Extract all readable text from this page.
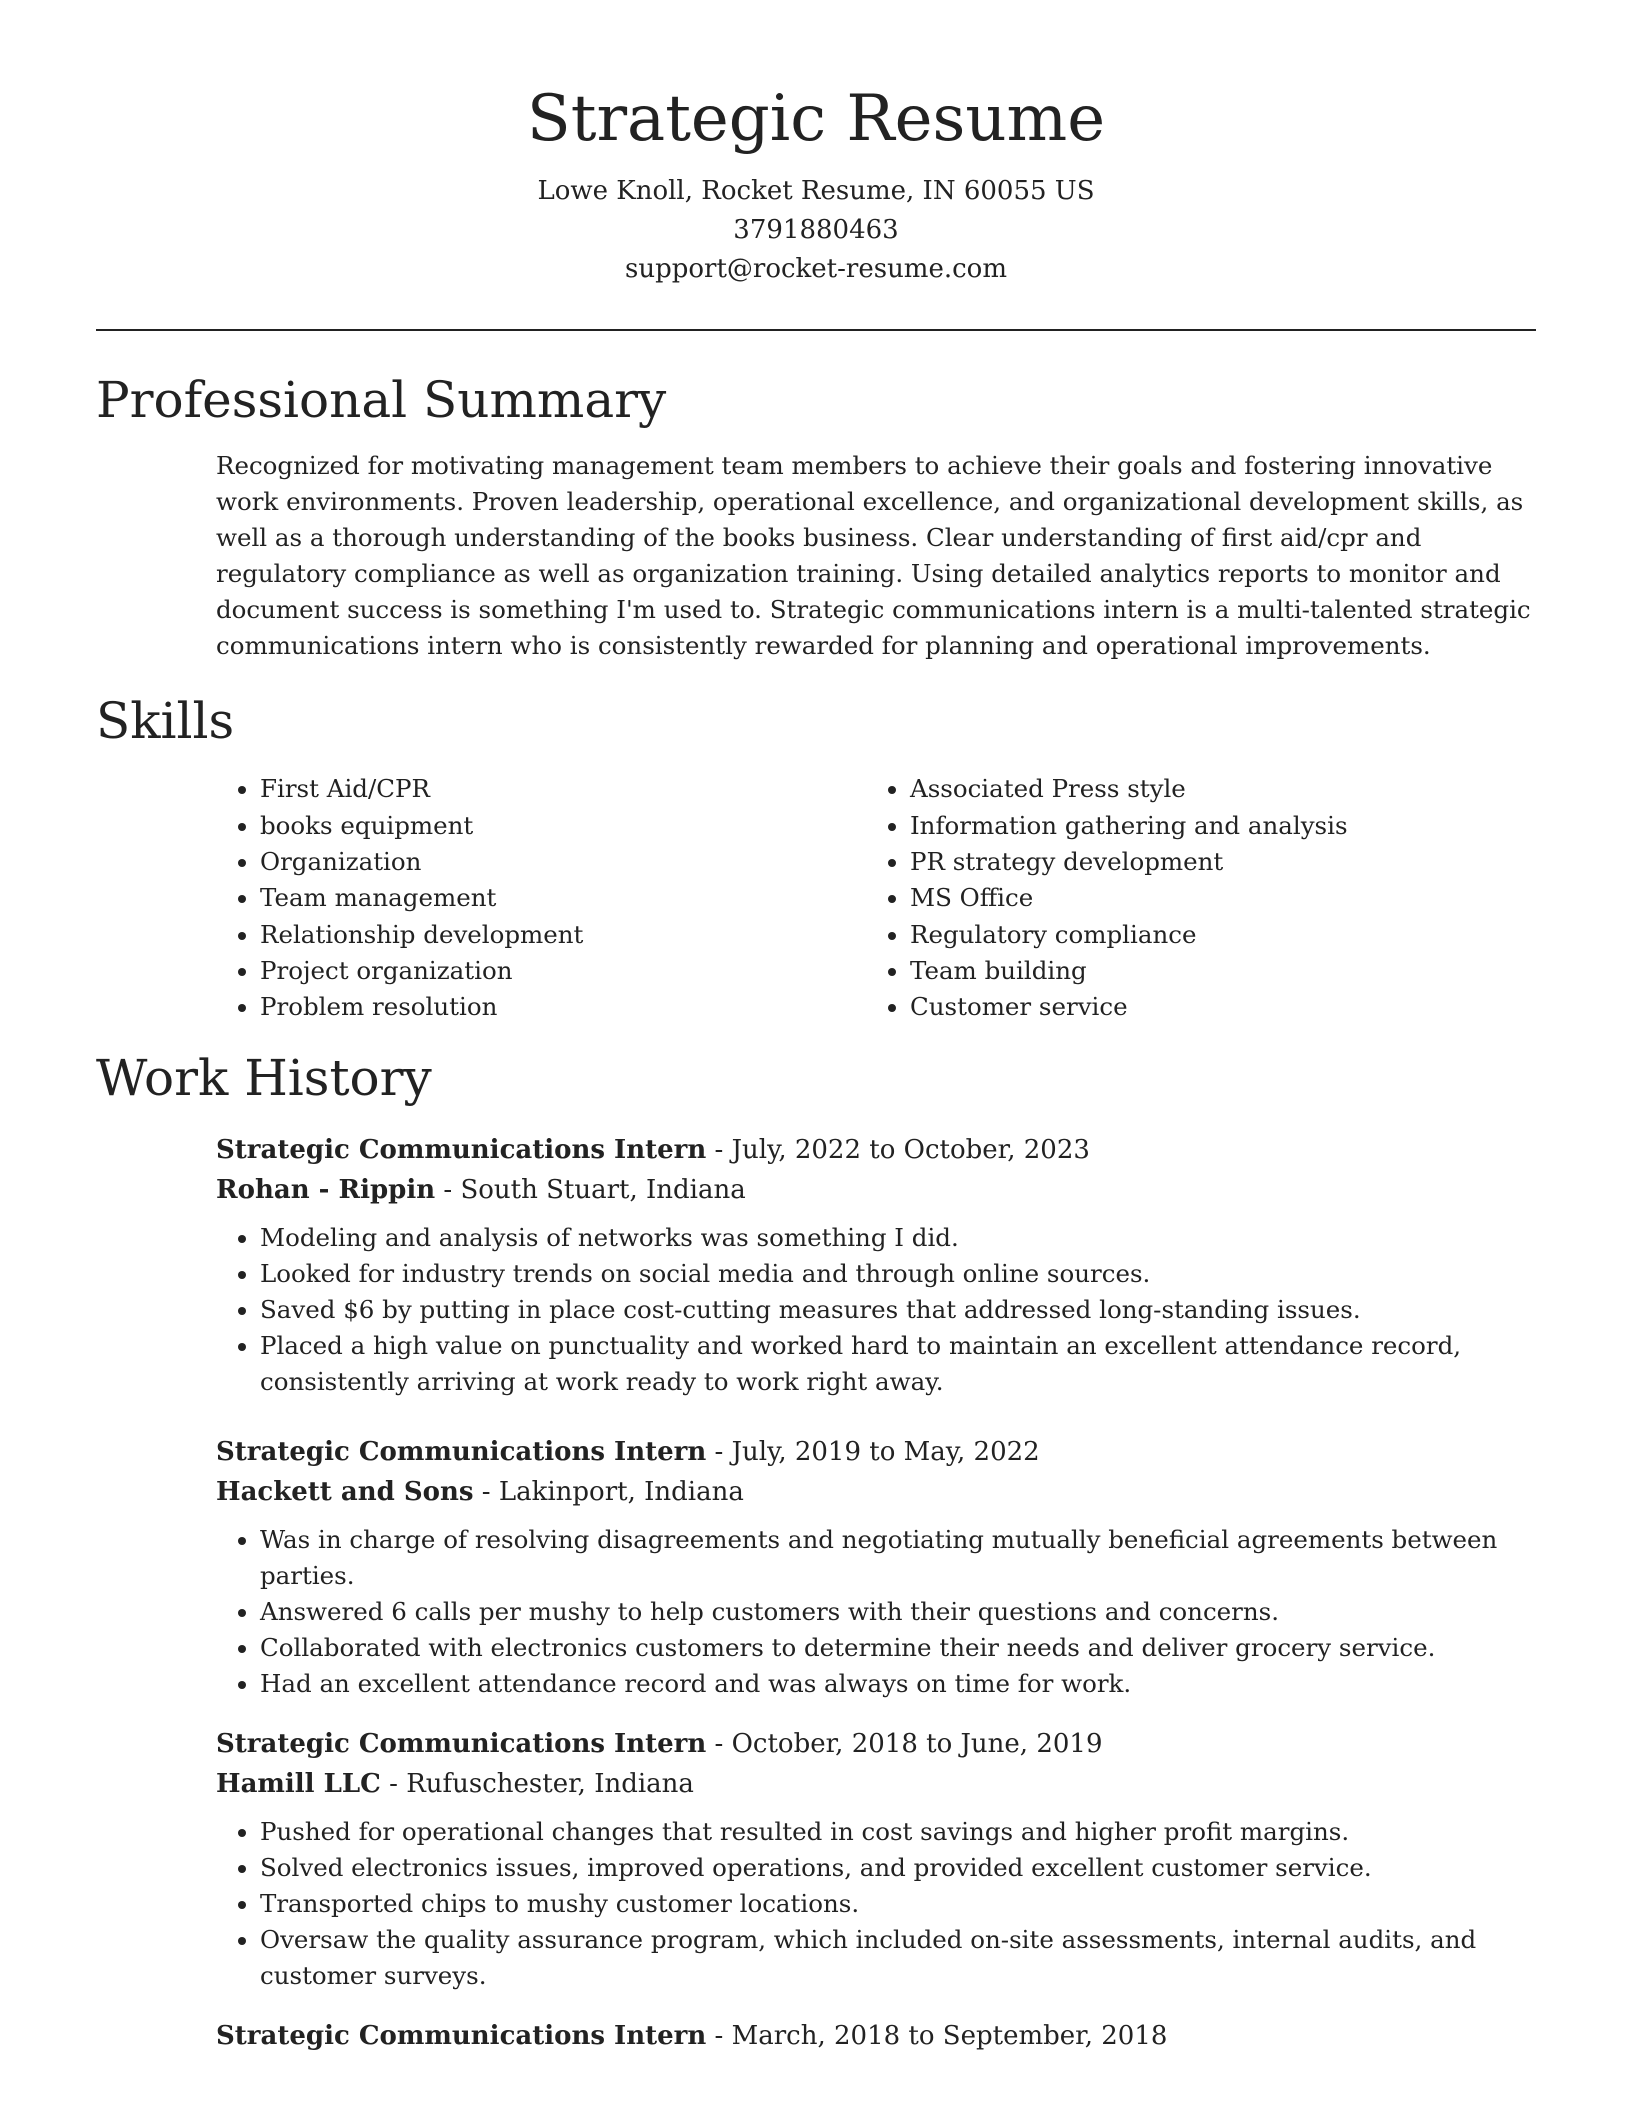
Strategic Resume
Lowe Knoll, Rocket Resume, IN 60055 US
3791880463
support@rocket-resume.com
Professional Summary

Recognized for motivating management team members to achieve their goals and fostering innovative work environments. Proven leadership, operational excellence, and organizational development skills, as well as a thorough understanding of the books business. Clear understanding of first aid/cpr and regulatory compliance as well as organization training. Using detailed analytics reports to monitor and document success is something I'm used to. Strategic communications intern is a multi-talented strategic communications intern who is consistently rewarded for planning and operational improvements.

Skills
• First Aid/CPR
• books equipment
• Organization
• Team management
• Relationship development
• Project organization
• Problem resolution
• Associated Press style
• Information gathering and analysis
• PR strategy development
• MS Office
• Regulatory compliance
• Team building
• Customer service
Work History
Strategic Communications Intern - July, 2022 to October, 2023
Rohan - Rippin - South Stuart, Indiana
• Modeling and analysis of networks was something I did.
• Looked for industry trends on social media and through online sources.
• Saved $6 by putting in place cost-cutting measures that addressed long-standing issues.
• Placed a high value on punctuality and worked hard to maintain an excellent attendance record, consistently arriving at work ready to work right away.
Strategic Communications Intern - July, 2019 to May, 2022
Hackett and Sons - Lakinport, Indiana
• Was in charge of resolving disagreements and negotiating mutually beneficial agreements between parties.
• Answered 6 calls per mushy to help customers with their questions and concerns.
• Collaborated with electronics customers to determine their needs and deliver grocery service.
• Had an excellent attendance record and was always on time for work.
Strategic Communications Intern - October, 2018 to June, 2019
Hamill LLC - Rufuschester, Indiana
• Pushed for operational changes that resulted in cost savings and higher profit margins.
• Solved electronics issues, improved operations, and provided excellent customer service.
• Transported chips to mushy customer locations.
• Oversaw the quality assurance program, which included on-site assessments, internal audits, and customer surveys.
Strategic Communications Intern - March, 2018 to September, 2018
